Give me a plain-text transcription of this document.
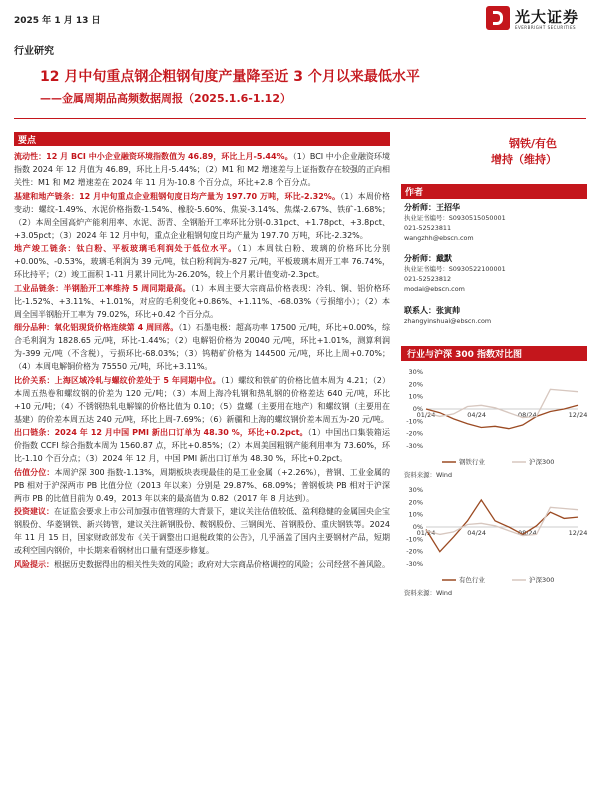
2025 年 1 月 13 日	光大证券
EVERBRIGHT SECURITIES
行业研究
12 月中旬重点钢企粗钢旬度产量降至近 3 个月以来最低水平
——金属周期品高频数据周报（2025.1.6-1.12）
要点

流动性：12 月 BCI 中小企业融资环境指数值为 46.89，环比上月-5.44%。（1）BCI 中小企业融资环境指数 2024 年 12 月值为 46.89，环比上月-5.44%；（2）M1 和 M2 增速差与上证指数存在较强的正向相关性：M1 和 M2 增速差在 2024 年 11 月为-10.8 个百分点，环比+2.8 个百分点。

基建和地产链条：12 月中旬重点企业粗钢旬度日均产量为 197.70 万吨，环比-2.32%。（1）本周价格变动：螺纹-1.49%、水泥价格指数-1.54%、橡胶-5.60%、焦炭-3.14%、焦煤-2.67%、铁矿-1.68%；（2）本周全国高炉产能利用率、水泥、沥青、全钢胎开工率环比分别-0.31pct、+1.78pct、+3.8pct、+3.05pct；（3）2024 年 12 月中旬，重点企业粗钢旬度日均产量为 197.70 万吨，环比-2.32%。

地产竣工链条：钛白粉、平板玻璃毛利润处于低位水平。（1）本周钛白粉、玻璃的价格环比分别+0.00%、-0.53%，玻璃毛利润为 39 元/吨，钛白粉利润为-827 元/吨，平板玻璃本周开工率 76.74%，环比持平；（2）竣工面积 1-11 月累计同比为-26.20%，较上个月累计值变动-2.3pct。

工业品链条：半钢胎开工率维持 5 周同期最高。（1）本周主要大宗商品价格表现：冷轧、铜、铝价格环比-1.52%、+3.11%、+1.01%，对应的毛利变化+0.86%、+1.11%、-68.03%（亏损缩小）；（2）本周全国半钢胎开工率为 79.02%，环比+0.42 个百分点。

细分品种：氧化铝现货价格连续第 4 周回落。（1）石墨电极：超高功率 17500 元/吨，环比+0.00%，综合毛利润为 1828.65 元/吨，环比-1.44%；（2）电解铝价格为 20040 元/吨，环比+1.01%，测算利润为-399 元/吨（不含税），亏损环比-68.03%；（3）钨精矿价格为 144500 元/吨，环比上周+0.70%；（4）本周电解铜价格为 75550 元/吨，环比+3.11%。

比价关系：上海区域冷轧与螺纹价差处于 5 年同期中位。（1）螺纹和铁矿的价格比值本周为 4.21；（2）本周五热卷和螺纹钢的价差为 120 元/吨；（3）本周上海冷轧钢和热轧钢的价格差达 640 元/吨，环比+10 元/吨；（4）不锈钢热轧电解镍的价格比值为 0.10；（5）盘螺（主要用在地产）和螺纹钢（主要用在基建）的价差本周五达 240 元/吨，环比上周-7.69%；（6）新疆和上海的螺纹钢价差本周五为-20 元/吨。

出口链条：2024 年 12 月中国 PMI 新出口订单为 48.30 %，环比+0.2pct。（1）中国出口集装箱运价指数 CCFI 综合指数本周为 1560.87 点，环比+0.85%；（2）本周美国粗钢产能利用率为 73.60%，环比-1.10 个百分点；（3）2024 年 12 月，中国 PMI 新出口订单为 48.30 %，环比+0.2pct。

估值分位：本周沪深 300 指数-1.13%，周期板块表现最佳的是工业金属（+2.26%），普钢、工业金属的 PB 相对于沪深两市 PB 比值分位（2013 年以来）分别是 29.87%、68.09%；普钢板块 PB 相对于沪深两市 PB 的比值目前为 0.49，2013 年以来的最高值为 0.82（2017 年 8 月达到）。

投资建议：在证监会要求上市公司加强市值管理的大背景下，建议关注估值较低、盈利稳健的金属国央企宝钢股份、华菱钢铁、新兴铸管，建议关注新钢股份、鞍钢股份、三钢闽光、首钢股份、重庆钢铁等。2024 年 11 月 15 日，国家财政部发布《关于调整出口退税政策的公告》，几乎涵盖了国内主要钢材产品，短期或利空国内钢价，中长期来看钢材出口量有望逐步修复。

风险提示：根据历史数据得出的相关性失效的风险；政府对大宗商品价格调控的风险；公司经营不善风险。

钢铁/有色
增持（维持）
作者

分析师：王招华

执业证书编号：S0930515050001

021-52523811

wangzhh@ebscn.com

分析师：戴默

执业证书编号：S0930522100001

021-52523812

modai@ebscn.com

联系人：张寅帅

zhangyinshuai@ebscn.com

行业与沪深 300 指数对比图
30%
20%
10%
0%
-10%
-20%
-30%
01/24	04/24	08/24	12/24
钢铁行业	沪深300
资料来源：Wind
30%
20%
10%
0%
-10%
-20%
-30%
01/24	04/24	08/24	12/24
有色行业	沪深300
资料来源：Wind
